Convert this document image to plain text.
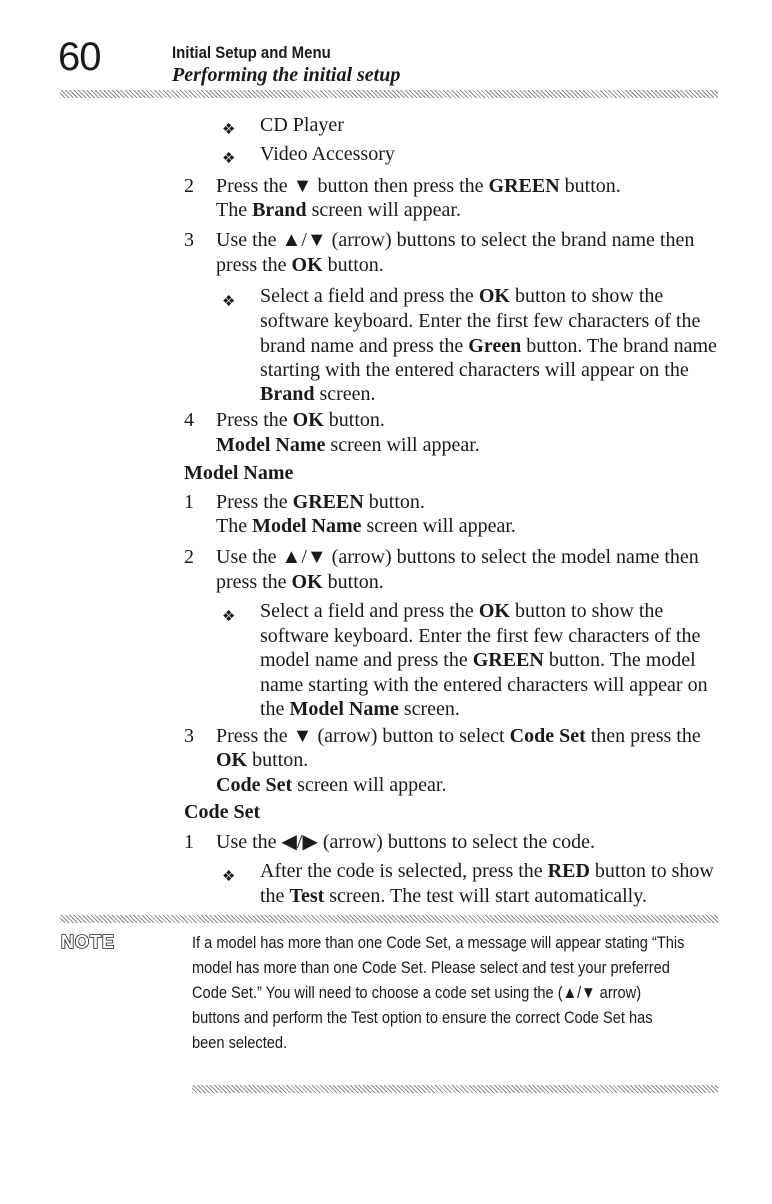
60	Initial Setup and Menu
Performing the initial setup
❖ CD Player
❖ Video Accessory
2 Press the ▼ button then press the GREEN button.
The Brand screen will appear.
3 Use the ▲/▼ (arrow) buttons to select the brand name then
press the OK button.
❖ Select a field and press the OK button to show the
software keyboard. Enter the first few characters of the
brand name and press the Green button. The brand name
starting with the entered characters will appear on the
Brand screen.
4 Press the OK button.
Model Name screen will appear.
Model Name
1 Press the GREEN button.
The Model Name screen will appear.
2 Use the ▲/▼ (arrow) buttons to select the model name then
press the OK button.
❖ Select a field and press the OK button to show the
software keyboard. Enter the first few characters of the
model name and press the GREEN button. The model
name starting with the entered characters will appear on
the Model Name screen.
3 Press the ▼ (arrow) button to select Code Set then press the
OK button.
Code Set screen will appear.
Code Set
1 Use the ◀/▶ (arrow) buttons to select the code.
❖ After the code is selected, press the RED button to show
the Test screen. The test will start automatically.
NOTE	If a model has more than one Code Set, a message will appear stating “This
model has more than one Code Set. Please select and test your preferred
Code Set.” You will need to choose a code set using the (▲/▼ arrow)
buttons and perform the Test option to ensure the correct Code Set has
been selected.
